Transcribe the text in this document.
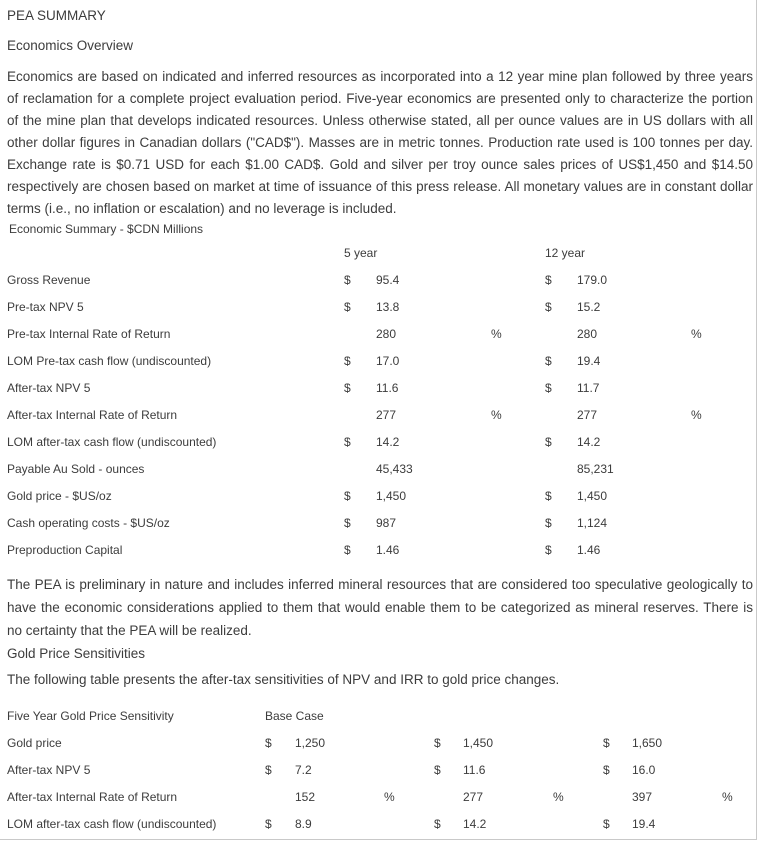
PEA SUMMARY
Economics Overview

Economics are based on indicated and inferred resources as incorporated into a 12 year mine plan followed by three years of reclamation for a complete project evaluation period. Five-year economics are presented only to characterize the portion of the mine plan that develops indicated resources. Unless otherwise stated, all per ounce values are in US dollars with all other dollar figures in Canadian dollars ("CAD$"). Masses are in metric tonnes. Production rate used is 100 tonnes per day. Exchange rate is $0.71 USD for each $1.00 CAD$. Gold and silver per troy ounce sales prices of US$1,450 and $14.50 respectively are chosen based on market at time of issuance of this press release. All monetary values are in constant dollar terms (i.e., no inflation or escalation) and no leverage is included.

Economic Summary - $CDN Millions
5 year	12 year
Gross Revenue	$	95.4	$	179.0
Pre-tax NPV 5	$	13.8	$	15.2
Pre-tax Internal Rate of Return	280	%	280	%
LOM Pre-tax cash flow (undiscounted)	$	17.0	$	19.4
After-tax NPV 5	$	11.6	$	11.7
After-tax Internal Rate of Return	277	%	277	%
LOM after-tax cash flow (undiscounted)	$	14.2	$	14.2
Payable Au Sold - ounces	45,433	85,231
Gold price - $US/oz	$	1,450	$	1,450
Cash operating costs - $US/oz	$	987	$	1,124
Preproduction Capital	$	1.46	$	1.46

The PEA is preliminary in nature and includes inferred mineral resources that are considered too speculative geologically to have the economic considerations applied to them that would enable them to be categorized as mineral reserves. There is no certainty that the PEA will be realized.

Gold Price Sensitivities

The following table presents the after-tax sensitivities of NPV and IRR to gold price changes.

Five Year Gold Price Sensitivity	Base Case
Gold price	$	1,250	$	1,450	$	1,650
After-tax NPV 5	$	7.2	$	11.6	$	16.0
After-tax Internal Rate of Return	152	%	277	%	397	%
LOM after-tax cash flow (undiscounted)	$	8.9	$	14.2	$	19.4
